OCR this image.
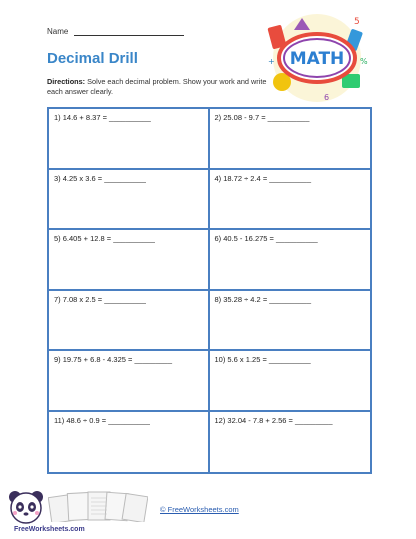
Name
Decimal Drill
Directions: Solve each decimal problem. Show your work and write each answer clearly.
5
+	%
6
MATH
1) 14.6 + 8.37 = __________	2) 25.08 - 9.7 = __________
3) 4.25 x 3.6 = __________	4) 18.72 ÷ 2.4 = __________
5) 6.405 + 12.8 = __________	6) 40.5 - 16.275 = __________
7) 7.08 x 2.5 = __________	8) 35.28 ÷ 4.2 = __________
9) 19.75 + 6.8 - 4.325 = _________	10) 5.6 x 1.25 = __________
11) 48.6 ÷ 0.9 = __________	12) 32.04 - 7.8 + 2.56 = _________
FreeWorksheets.com
© FreeWorksheets.com
